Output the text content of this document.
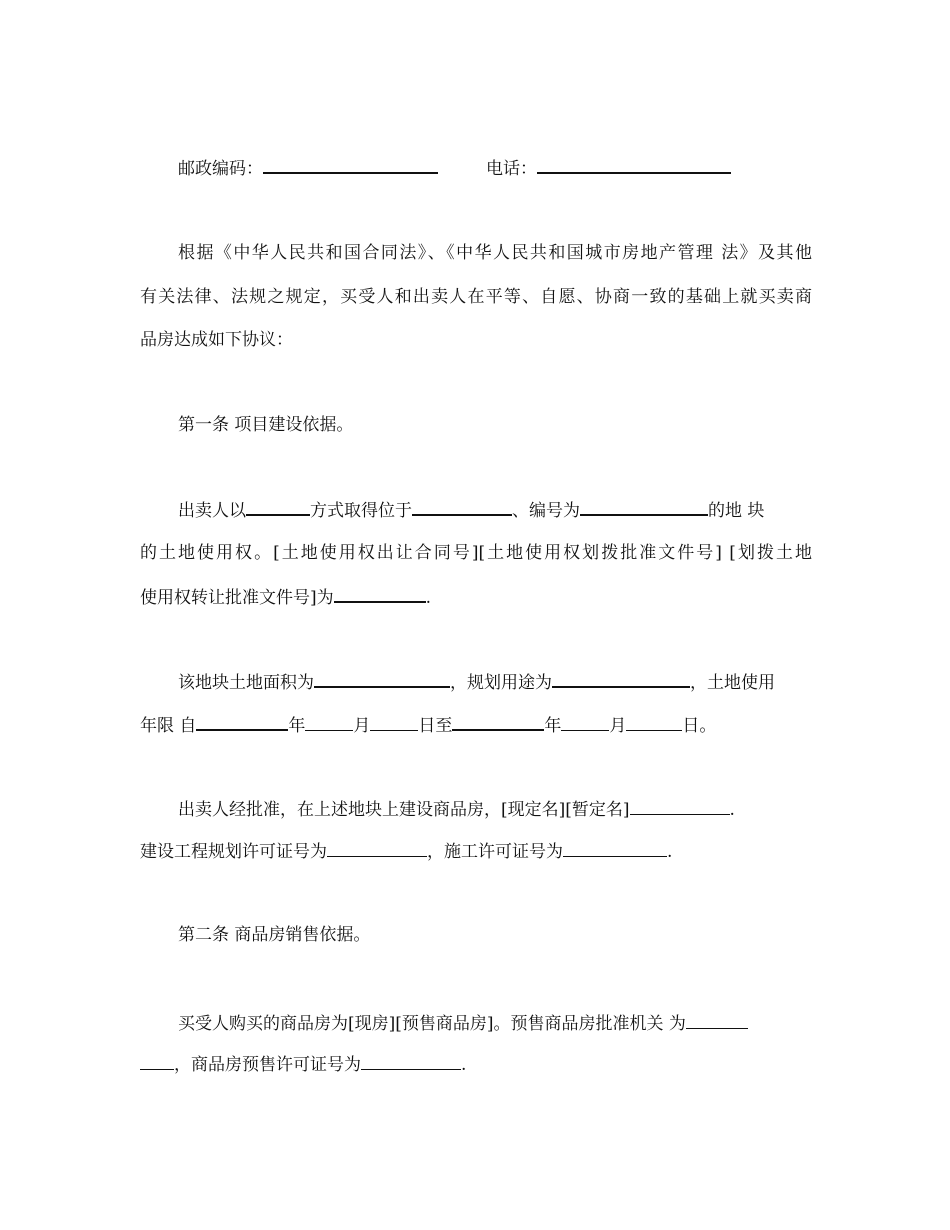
邮政编码：	电话：
根据《中华人民共和国合同法》、《中华人民共和国城市房地产管理 法》及其他
有关法律、法规之规定，买受人和出卖人在平等、自愿、协商一致的基础上就买卖商
品房达成如下协议：
第一条 项目建设依据。
出卖人以	方式取得位于	、编号为	的地 块
的土地使用权。[土地使用权出让合同号][土地使用权划拨批准文件号] [划拨土地
使用权转让批准文件号]为	.
该地块土地面积为	，规划用途为	，土地使用
年限 自	年	月	日至	年	月	日。
出卖人经批准，在上述地块上建设商品房，[现定名][暂定名]	.
建设工程规划许可证号为	，施工许可证号为	.
第二条 商品房销售依据。
买受人购买的商品房为[现房][预售商品房]。预售商品房批准机关 为
，商品房预售许可证号为	.
